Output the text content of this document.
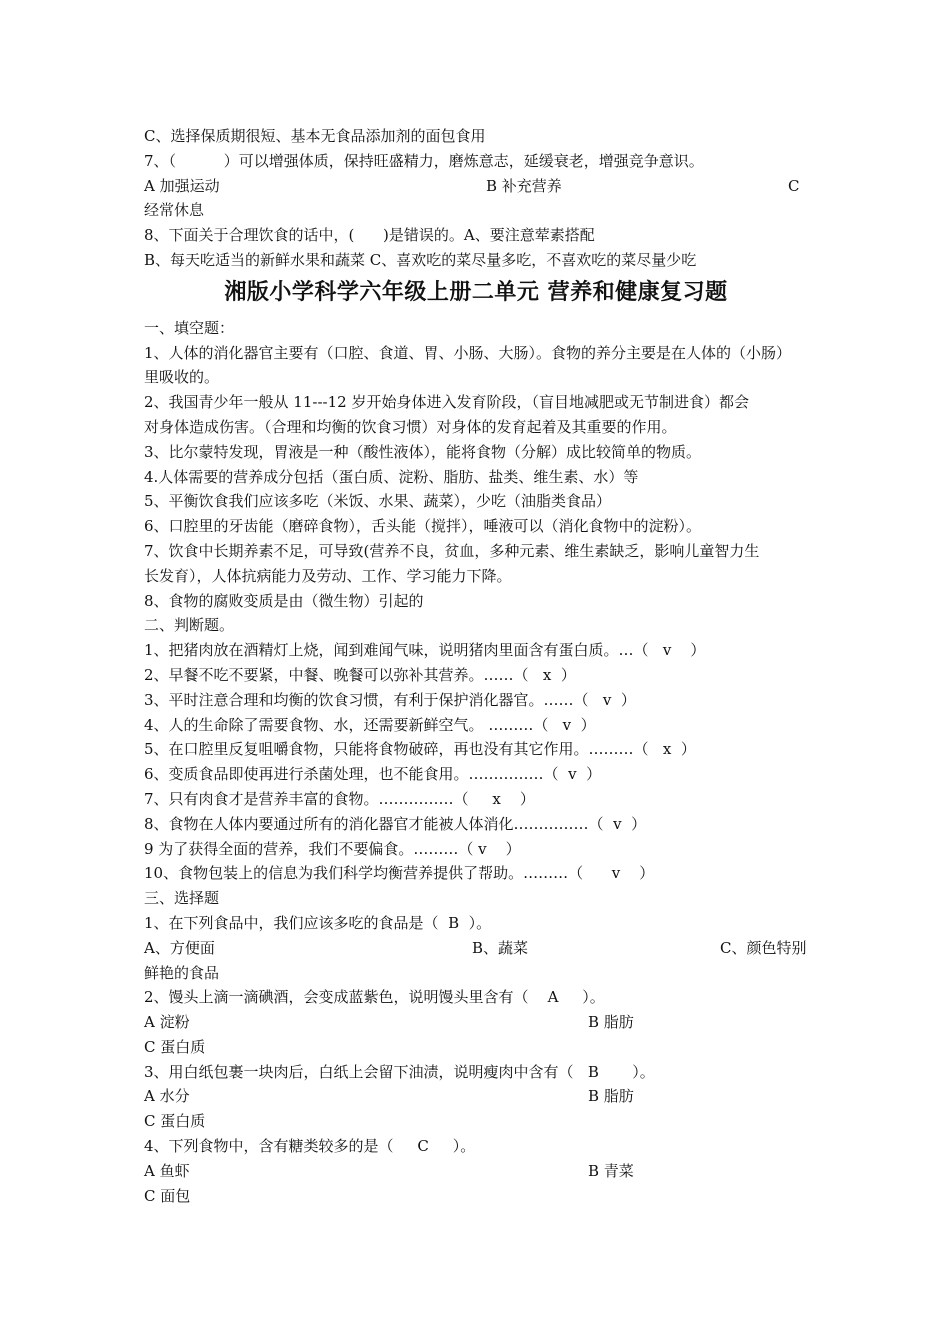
C、选择保质期很短、基本无食品添加剂的面包食用
7、（          ）可以增强体质，保持旺盛精力，磨炼意志，延缓衰老，增强竞争意识。
A 加强运动	B 补充营养	C
经常休息
8、下面关于合理饮食的话中，(      )是错误的。A、要注意荤素搭配
B、每天吃适当的新鲜水果和蔬菜 C、喜欢吃的菜尽量多吃，不喜欢吃的菜尽量少吃
湘版小学科学六年级上册二单元 营养和健康复习题
一、填空题：
1、人体的消化器官主要有（口腔、食道、胃、小肠、大肠）。食物的养分主要是在人体的（小肠）
里吸收的。
2、我国青少年一般从 11---12 岁开始身体进入发育阶段，（盲目地减肥或无节制进食）都会
对身体造成伤害。（合理和均衡的饮食习惯）对身体的发育起着及其重要的作用。
3、比尔蒙特发现，胃液是一种（酸性液体），能将食物（分解）成比较简单的物质。
4.人体需要的营养成分包括（蛋白质、淀粉、脂肪、盐类、维生素、水）等
5、平衡饮食我们应该多吃（米饭、水果、蔬菜），少吃（油脂类食品）
6、口腔里的牙齿能（磨碎食物），舌头能（搅拌），唾液可以（消化食物中的淀粉）。
7、饮食中长期养素不足，可导致(营养不良，贫血，多种元素、维生素缺乏，影响儿童智力生
长发育），人体抗病能力及劳动、工作、学习能力下降。
8、食物的腐败变质是由（微生物）引起的
二、判断题。
1、把猪肉放在酒精灯上烧，闻到难闻气味，说明猪肉里面含有蛋白质。…（   v    ）
2、早餐不吃不要紧，中餐、晚餐可以弥补其营养。……（   x  ）
3、平时注意合理和均衡的饮食习惯，有利于保护消化器官。……（   v  ）
4、人的生命除了需要食物、水，还需要新鲜空气。 ………（   v  ）
5、在口腔里反复咀嚼食物，只能将食物破碎，再也没有其它作用。………（   x  ）
6、变质食品即使再进行杀菌处理，也不能食用。……………（  v  ）
7、只有肉食才是营养丰富的食物。……………（     x    ）
8、食物在人体内要通过所有的消化器官才能被人体消化……………（  v  ）
9 为了获得全面的营养，我们不要偏食。………（ v    ）
10、食物包装上的信息为我们科学均衡营养提供了帮助。………（      v    ）
三、选择题
1、在下列食品中，我们应该多吃的食品是（  B  ）。
A、方便面	B、蔬菜	C、颜色特别
鲜艳的食品
2、馒头上滴一滴碘酒，会变成蓝紫色，说明馒头里含有（    A     ）。
A 淀粉	B 脂肪
C 蛋白质
3、用白纸包裹一块肉后，白纸上会留下油渍，说明瘦肉中含有（   B       ）。
A 水分	B 脂肪
C 蛋白质
4、下列食物中，含有糖类较多的是（     C     ）。
A 鱼虾	B 青菜
C 面包
